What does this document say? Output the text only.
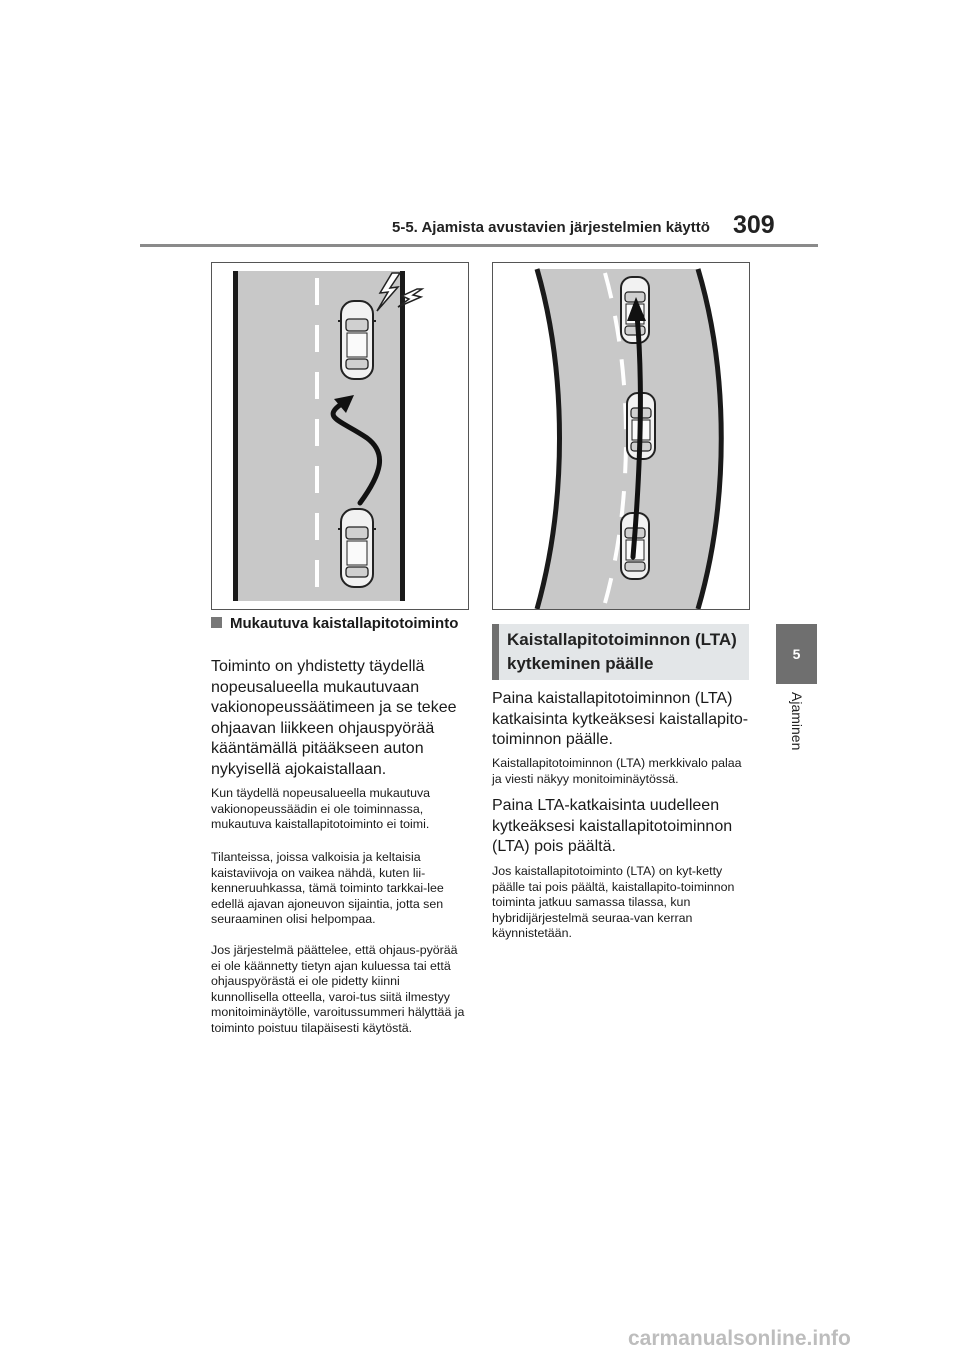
5-5. Ajamista avustavien järjestelmien käyttö 309
5
Ajaminen
Mukautuva kaistallapitotoiminto
Toiminto on yhdistetty täydellä nopeusalueella mukautuvaan vakionopeussäätimeen ja se tekee ohjaavan liikkeen ohjauspyörää kääntämällä pitääkseen auton nykyisellä ajokaistallaan.
Kun täydellä nopeusalueella mukautuva vakionopeussäädin ei ole toiminnassa, mukautuva kaistallapitotoiminto ei toimi.
Tilanteissa, joissa valkoisia ja keltaisia kaistaviivoja on vaikea nähdä, kuten lii-kenneruuhkassa, tämä toiminto tarkkai-lee edellä ajavan ajoneuvon sijaintia, jotta sen seuraaminen olisi helpompaa.
Jos järjestelmä päättelee, että ohjaus-pyörää ei ole käännetty tietyn ajan kuluessa tai että ohjauspyörästä ei ole pidetty kiinni kunnollisella otteella, varoi-tus siitä ilmestyy monitoiminäytölle, varoitussummeri hälyttää ja toiminto poistuu tilapäisesti käytöstä.
Kaistallapitotoiminnon (LTA) kytkeminen päälle
Paina kaistallapitotoiminnon (LTA) katkaisinta kytkeäksesi kaistallapito-toiminnon päälle.
Kaistallapitotoiminnon (LTA) merkkivalo palaa ja viesti näkyy monitoiminäytössä.
Paina LTA-katkaisinta uudelleen kytkeäksesi kaistallapitotoiminnon (LTA) pois päältä.
Jos kaistallapitotoiminto (LTA) on kyt-ketty päälle tai pois päältä, kaistallapito-toiminnon toiminta jatkuu samassa tilassa, kun hybridijärjestelmä seuraa-van kerran käynnistetään.
carmanualsonline.info
